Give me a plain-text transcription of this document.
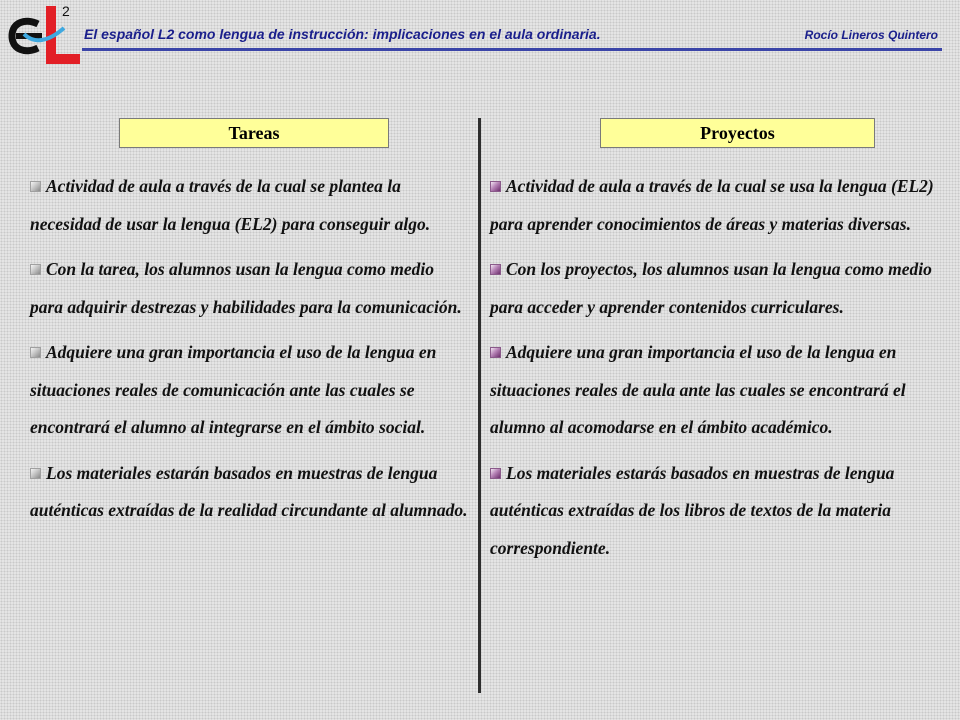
2
El español L2 como lengua de instrucción: implicaciones en el aula ordinaria.	Rocío Lineros Quintero
Tareas	Proyectos
Actividad de aula a través de la cual se plantea la necesidad de usar la lengua (EL2) para conseguir algo.
Con la tarea, los alumnos usan la lengua como medio para adquirir destrezas y habilidades para la comunicación.
Adquiere una gran importancia el uso de la lengua en situaciones reales de comunicación ante las cuales se encontrará el alumno al integrarse en el ámbito social.
Los materiales estarán basados en muestras de lengua auténticas extraídas de la realidad circundante al alumnado.
Actividad de aula a través de la cual se usa la lengua (EL2) para aprender conocimientos de áreas y materias diversas.
Con los proyectos, los alumnos usan la lengua como medio para acceder y aprender contenidos curriculares.
Adquiere una gran importancia el uso de la lengua en situaciones reales de aula ante las cuales se encontrará el alumno al acomodarse en el ámbito académico.
Los materiales estarás basados en muestras de lengua auténticas extraídas de los libros de textos de la materia correspondiente.
